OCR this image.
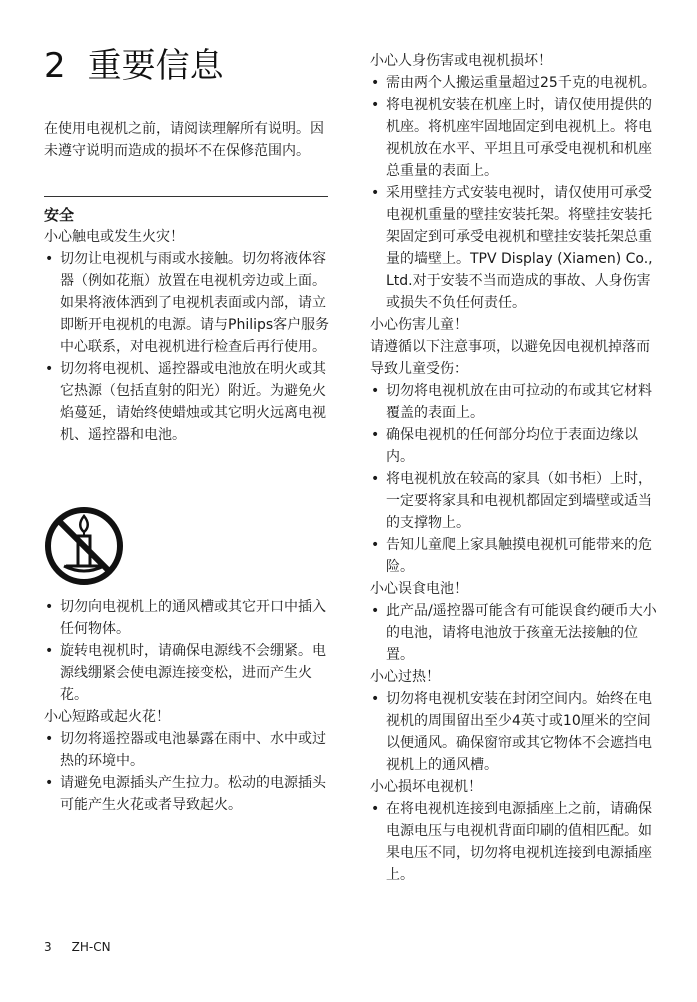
2 重要信息
在使用电视机之前，请阅读理解所有说明。因未遵守说明而造成的损坏不在保修范围内。
安全
小心触电或发生火灾！
• 切勿让电视机与雨或水接触。切勿将液体容器（例如花瓶）放置在电视机旁边或上面。如果将液体洒到了电视机表面或内部，请立即断开电视机的电源。请与Philips客户服务中心联系，对电视机进行检查后再行使用。
• 切勿将电视机、遥控器或电池放在明火或其它热源（包括直射的阳光）附近。为避免火焰蔓延，请始终使蜡烛或其它明火远离电视机、遥控器和电池。
• 切勿向电视机上的通风槽或其它开口中插入任何物体。
• 旋转电视机时，请确保电源线不会绷紧。电源线绷紧会使电源连接变松，进而产生火花。
小心短路或起火花！
• 切勿将遥控器或电池暴露在雨中、水中或过热的环境中。
• 请避免电源插头产生拉力。松动的电源插头可能产生火花或者导致起火。
小心人身伤害或电视机损坏！
• 需由两个人搬运重量超过25千克的电视机。
• 将电视机安装在机座上时，请仅使用提供的机座。将机座牢固地固定到电视机上。将电视机放在水平、平坦且可承受电视机和机座总重量的表面上。
• 采用壁挂方式安装电视时，请仅使用可承受电视机重量的壁挂安装托架。将壁挂安装托架固定到可承受电视机和壁挂安装托架总重量的墙壁上。TPV Display (Xiamen) Co., Ltd.对于安装不当而造成的事故、人身伤害或损失不负任何责任。
小心伤害儿童！
请遵循以下注意事项，以避免因电视机掉落而导致儿童受伤：
• 切勿将电视机放在由可拉动的布或其它材料覆盖的表面上。
• 确保电视机的任何部分均位于表面边缘以内。
• 将电视机放在较高的家具（如书柜）上时，一定要将家具和电视机都固定到墙壁或适当的支撑物上。
• 告知儿童爬上家具触摸电视机可能带来的危险。
小心误食电池！
• 此产品/遥控器可能含有可能误食约硬币大小的电池，请将电池放于孩童无法接触的位置。
小心过热！
• 切勿将电视机安装在封闭空间内。始终在电视机的周围留出至少4英寸或10厘米的空间以便通风。确保窗帘或其它物体不会遮挡电视机上的通风槽。
小心损坏电视机！
• 在将电视机连接到电源插座上之前，请确保电源电压与电视机背面印刷的值相匹配。如果电压不同，切勿将电视机连接到电源插座上。
3 ZH-CN
